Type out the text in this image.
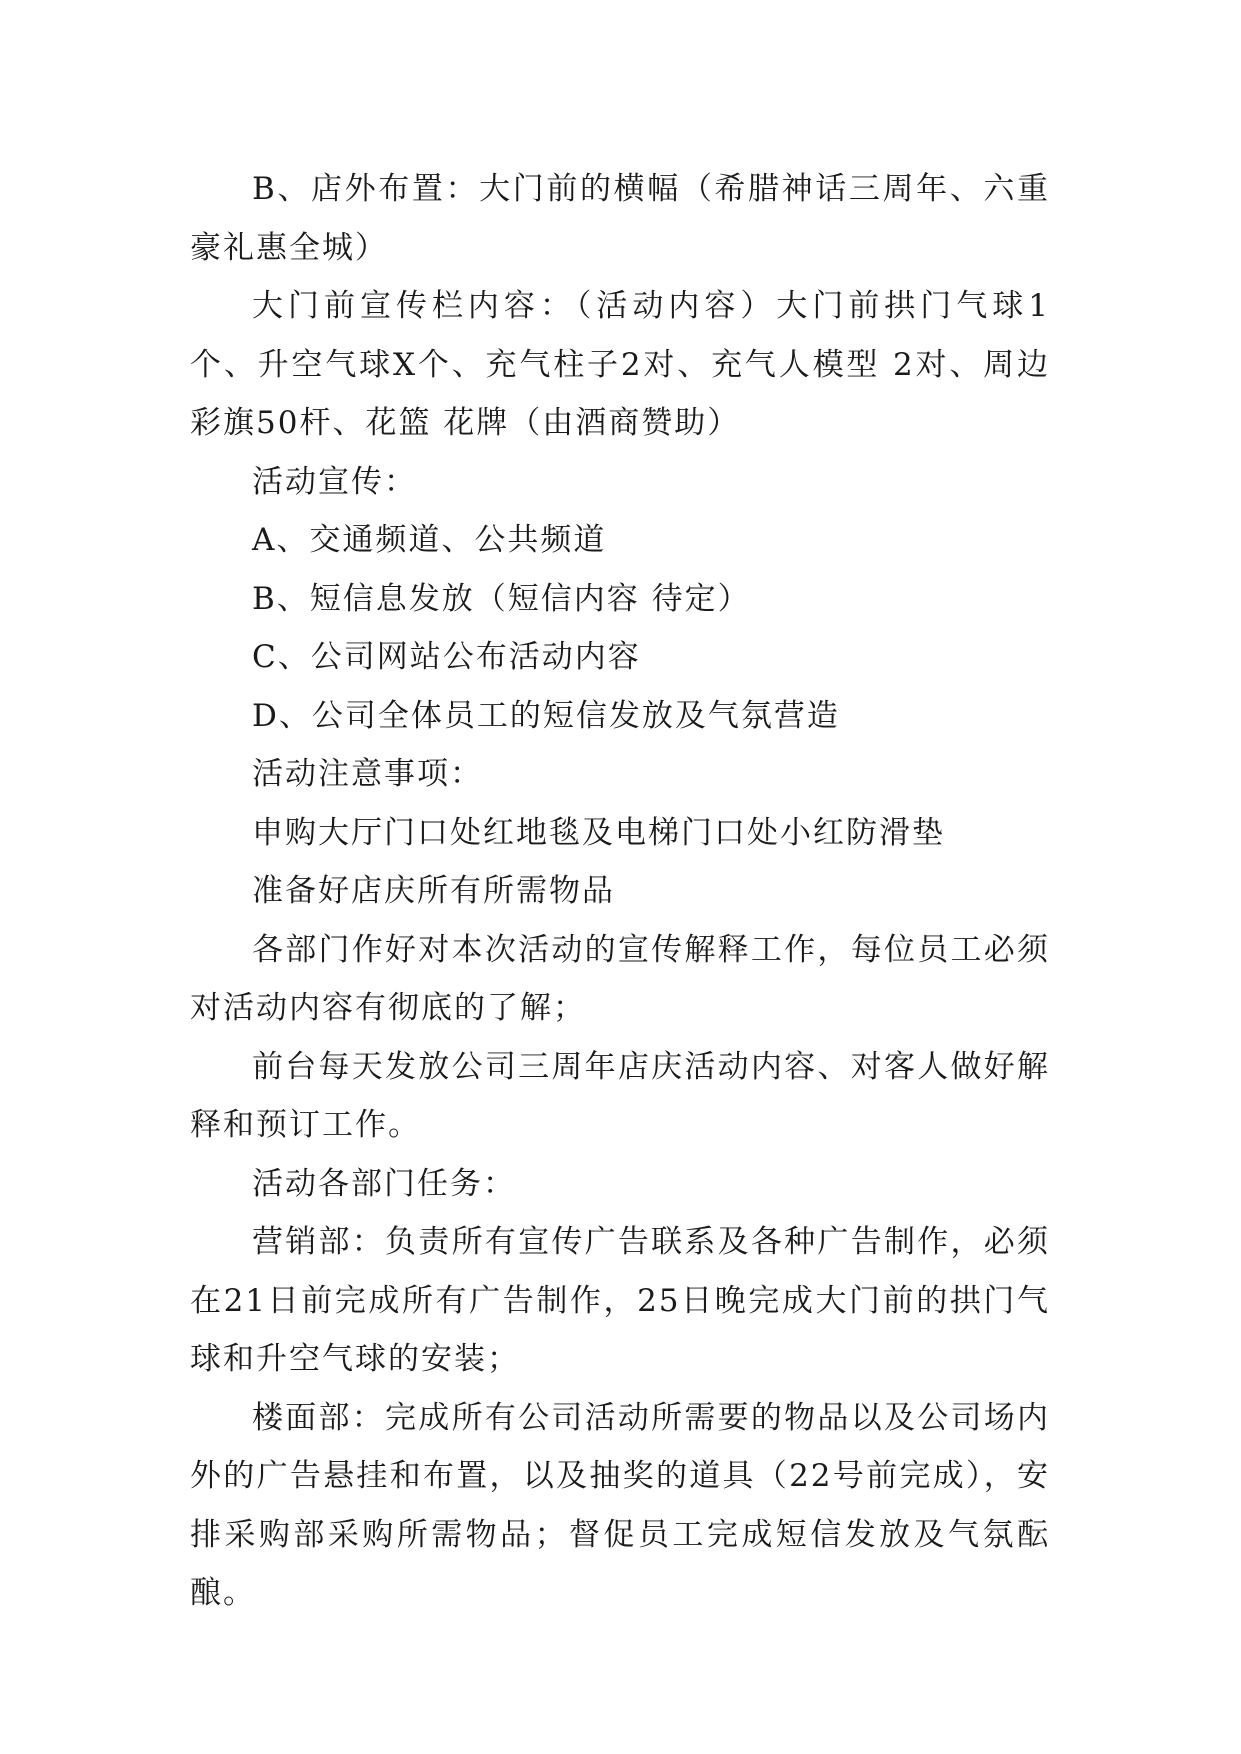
B、店外布置：大门前的横幅（希腊神话三周年、六重豪礼惠全城）

大门前宣传栏内容：（活动内容）大门前拱门气球1个、升空气球X个、充气柱子2对、充气人模型 2对、周边彩旗50杆、花篮 花牌（由酒商赞助）

活动宣传：

A、交通频道、公共频道

B、短信息发放（短信内容 待定）

C、公司网站公布活动内容

D、公司全体员工的短信发放及气氛营造

活动注意事项：

申购大厅门口处红地毯及电梯门口处小红防滑垫

准备好店庆所有所需物品

各部门作好对本次活动的宣传解释工作，每位员工必须对活动内容有彻底的了解；

前台每天发放公司三周年店庆活动内容、对客人做好解释和预订工作。

活动各部门任务：

营销部：负责所有宣传广告联系及各种广告制作，必须在21日前完成所有广告制作，25日晚完成大门前的拱门气球和升空气球的安装；

楼面部：完成所有公司活动所需要的物品以及公司场内外的广告悬挂和布置，以及抽奖的道具（22号前完成），安排采购部采购所需物品；督促员工完成短信发放及气氛酝酿。
